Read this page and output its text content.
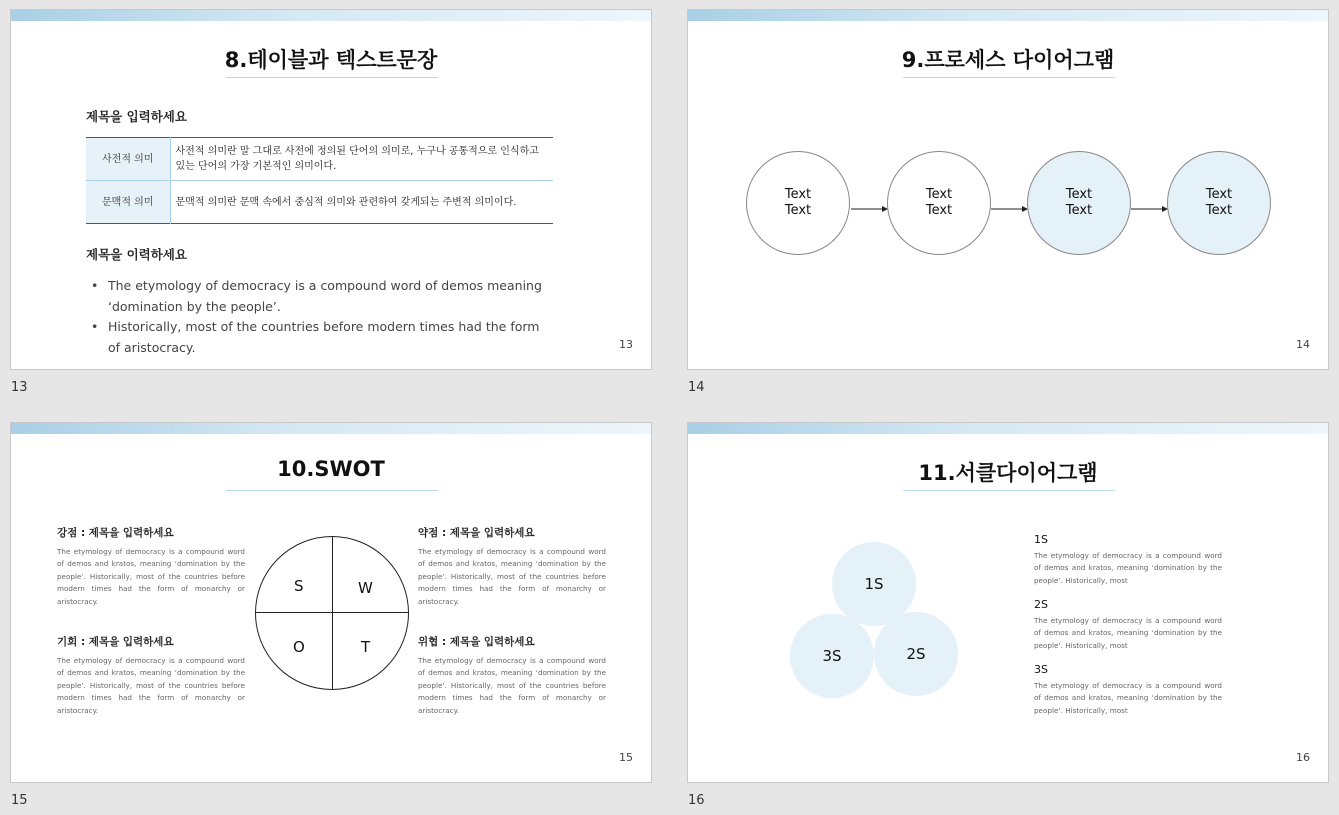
8.테이블과 텍스트문장
제목을 입력하세요
사전적 의미	사전적 의미란 말 그대로 사전에 정의된 단어의 의미로, 누구나 공통적으로 인식하고 있는 단어의 가장 기본적인 의미이다.
문맥적 의미	문맥적 의미란 문맥 속에서 중심적 의미와 관련하여 갖게되는 주변적 의미이다.
제목을 이력하세요
• The etymology of democracy is a compound word of demos meaning ‘domination by the people’.
• Historically, most of the countries before modern times had the form of aristocracy.	13
13
9.프로세스 다이어그램
Text
Text
Text
Text
Text
Text
Text
Text
14
14
10.SWOT
강점 : 제목을 입력하세요
The etymology of democracy is a compound word of demos and kratos, meaning ‘domination by the people’. Historically, most of the countries before modern times had the form of monarchy or aristocracy.
약점 : 제목을 입력하세요
The etymology of democracy is a compound word of demos and kratos, meaning ‘domination by the people’. Historically, most of the countries before modern times had the form of monarchy or aristocracy.
기회 : 제목을 입력하세요
The etymology of democracy is a compound word of demos and kratos, meaning ‘domination by the people’. Historically, most of the countries before modern times had the form of monarchy or aristocracy.
위협 : 제목을 입력하세요
The etymology of democracy is a compound word of demos and kratos, meaning ‘domination by the people’. Historically, most of the countries before modern times had the form of monarchy or aristocracy.
S	W
O	T
15
15
11.서클다이어그램
1S
3S	2S
1S
The etymology of democracy is a compound word of demos and kratos, meaning ‘domination by the people’. Historically, most
2S
The etymology of democracy is a compound word of demos and kratos, meaning ‘domination by the people’. Historically, most
3S
The etymology of democracy is a compound word of demos and kratos, meaning ‘domination by the people’. Historically, most
16
16
